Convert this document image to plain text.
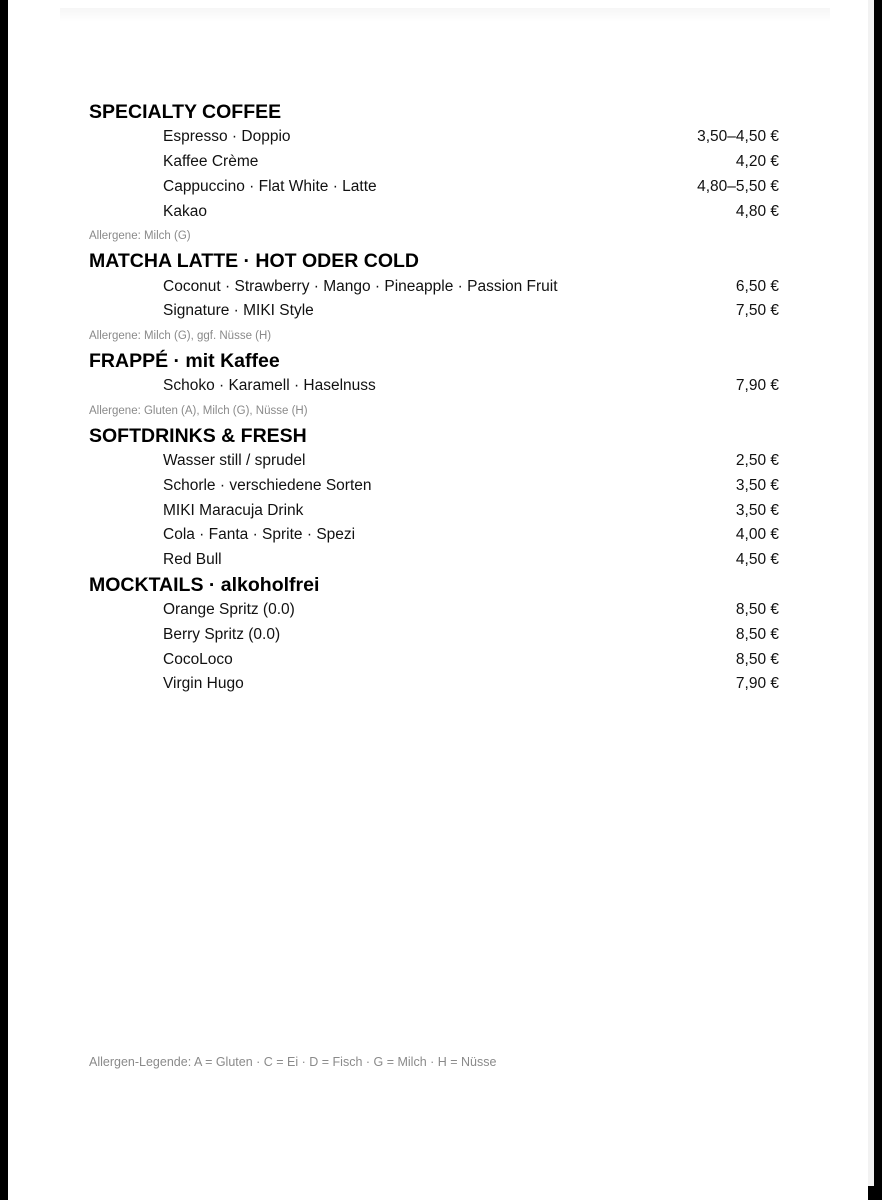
SPECIALTY COFFEE
Espresso · Doppio	3,50–4,50 €
Kaffee Crème	4,20 €
Cappuccino · Flat White · Latte	4,80–5,50 €
Kakao	4,80 €
Allergene: Milch (G)
MATCHA LATTE · HOT ODER COLD
Coconut · Strawberry · Mango · Pineapple · Passion Fruit	6,50 €
Signature · MIKI Style	7,50 €
Allergene: Milch (G), ggf. Nüsse (H)
FRAPPÉ · mit Kaffee
Schoko · Karamell · Haselnuss	7,90 €
Allergene: Gluten (A), Milch (G), Nüsse (H)
SOFTDRINKS & FRESH
Wasser still / sprudel	2,50 €
Schorle · verschiedene Sorten	3,50 €
MIKI Maracuja Drink	3,50 €
Cola · Fanta · Sprite · Spezi	4,00 €
Red Bull	4,50 €
MOCKTAILS · alkoholfrei
Orange Spritz (0.0)	8,50 €
Berry Spritz (0.0)	8,50 €
CocoLoco	8,50 €
Virgin Hugo	7,90 €
Allergen-Legende: A = Gluten · C = Ei · D = Fisch · G = Milch · H = Nüsse
